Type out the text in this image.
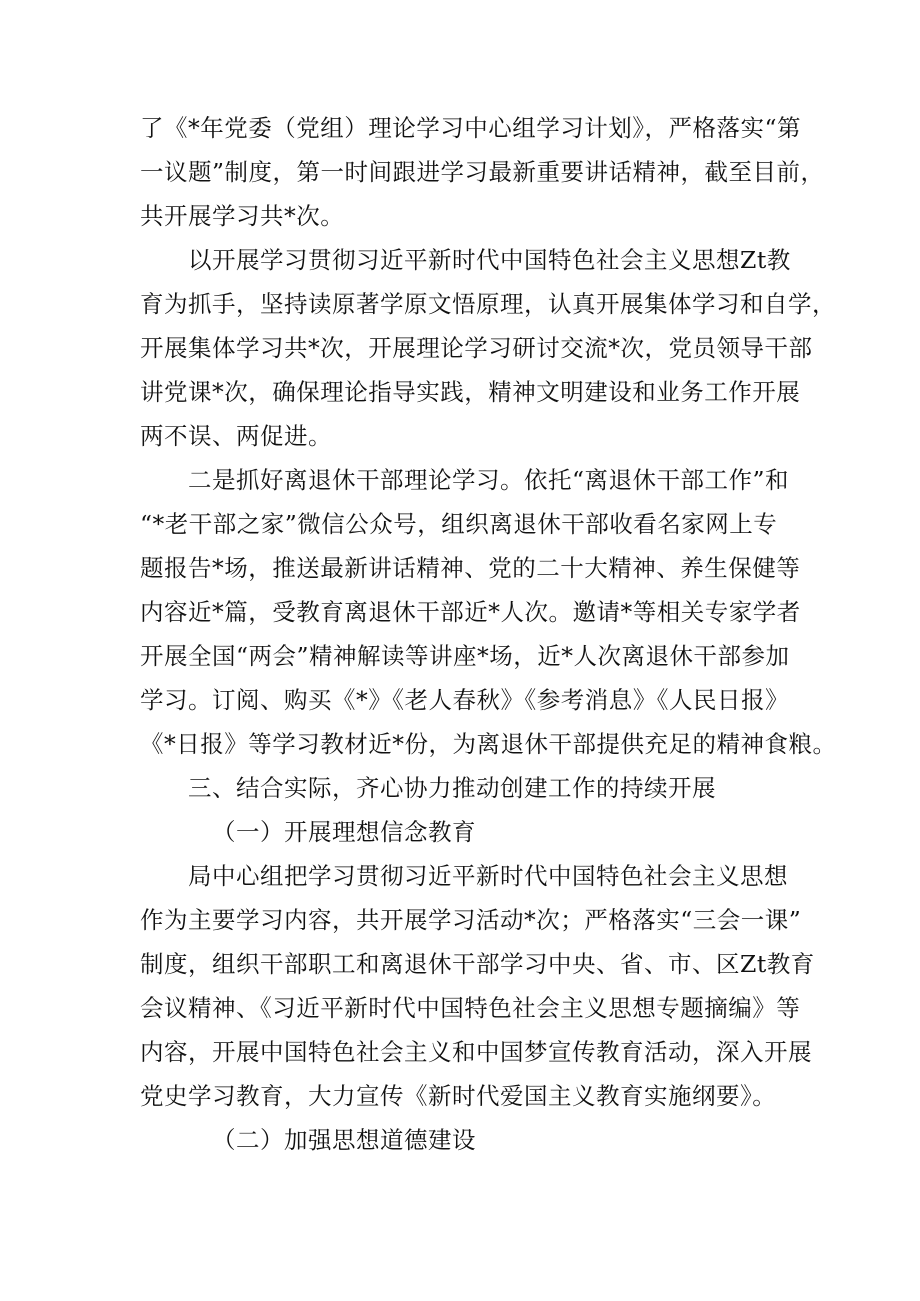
了《*年党委（党组）理论学习中心组学习计划》，严格落实“第
一议题”制度，第一时间跟进学习最新重要讲话精神，截至目前，
共开展学习共*次。
以开展学习贯彻习近平新时代中国特色社会主义思想Zt教
育为抓手，坚持读原著学原文悟原理，认真开展集体学习和自学，
开展集体学习共*次，开展理论学习研讨交流*次，党员领导干部
讲党课*次，确保理论指导实践，精神文明建设和业务工作开展
两不误、两促进。
二是抓好离退休干部理论学习。依托“离退休干部工作”和
“*老干部之家”微信公众号，组织离退休干部收看名家网上专
题报告*场，推送最新讲话精神、党的二十大精神、养生保健等
内容近*篇，受教育离退休干部近*人次。邀请*等相关专家学者
开展全国“两会”精神解读等讲座*场，近*人次离退休干部参加
学习。订阅、购买《*》《老人春秋》《参考消息》《人民日报》
《*日报》等学习教材近*份，为离退休干部提供充足的精神食粮。
三、结合实际，齐心协力推动创建工作的持续开展
（一）开展理想信念教育
局中心组把学习贯彻习近平新时代中国特色社会主义思想
作为主要学习内容，共开展学习活动*次；严格落实“三会一课”
制度，组织干部职工和离退休干部学习中央、省、市、区Zt教育
会议精神、《习近平新时代中国特色社会主义思想专题摘编》等
内容，开展中国特色社会主义和中国梦宣传教育活动，深入开展
党史学习教育，大力宣传《新时代爱国主义教育实施纲要》。
（二）加强思想道德建设
